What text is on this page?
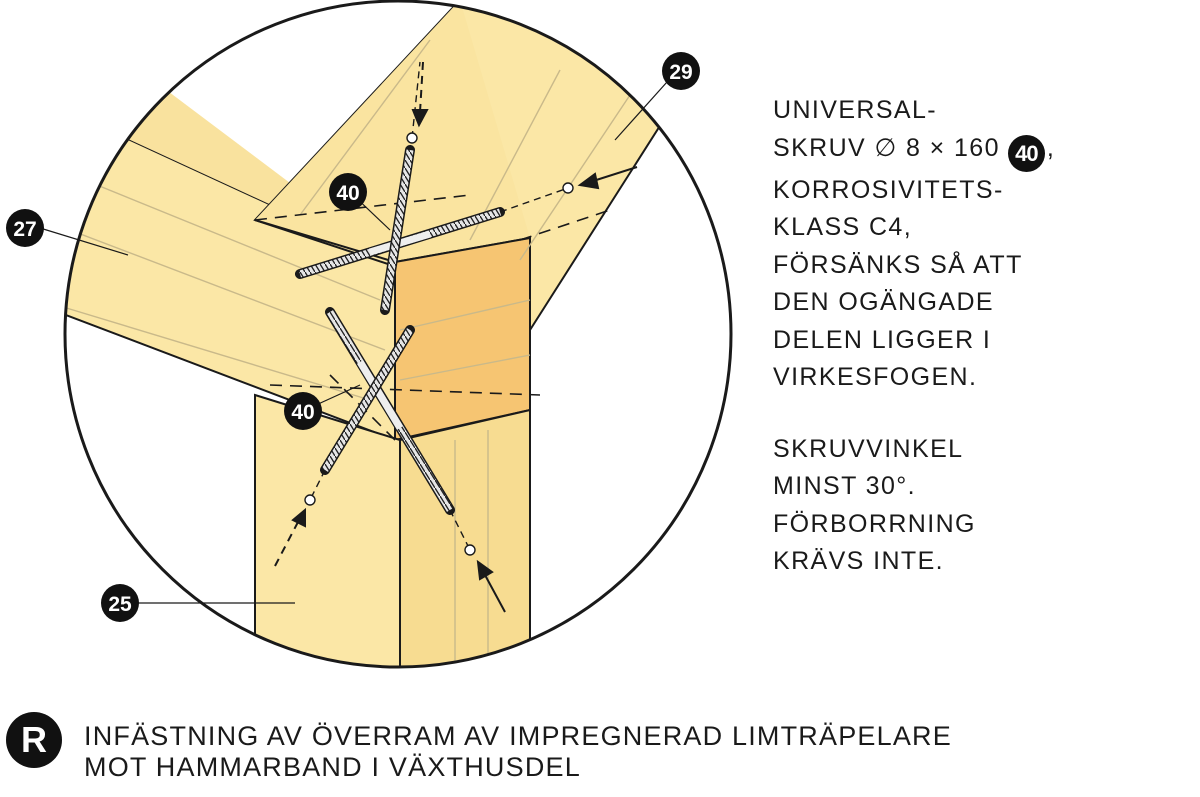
29
27
25
40
40
UNIVERSAL-
SKRUV ∅ 8 × 160 40 ,
KORROSIVITETS-
KLASS C4,
FÖRSÄNKS SÅ ATT
DEN OGÄNGADE
DELEN LIGGER I
VIRKESFOGEN.
SKRUVVINKEL
MINST 30°.
FÖRBORRNING
KRÄVS INTE.
R	INFÄSTNING AV ÖVERRAM AV IMPREGNERAD LIMTRÄPELARE
MOT HAMMARBAND I VÄXTHUSDEL
